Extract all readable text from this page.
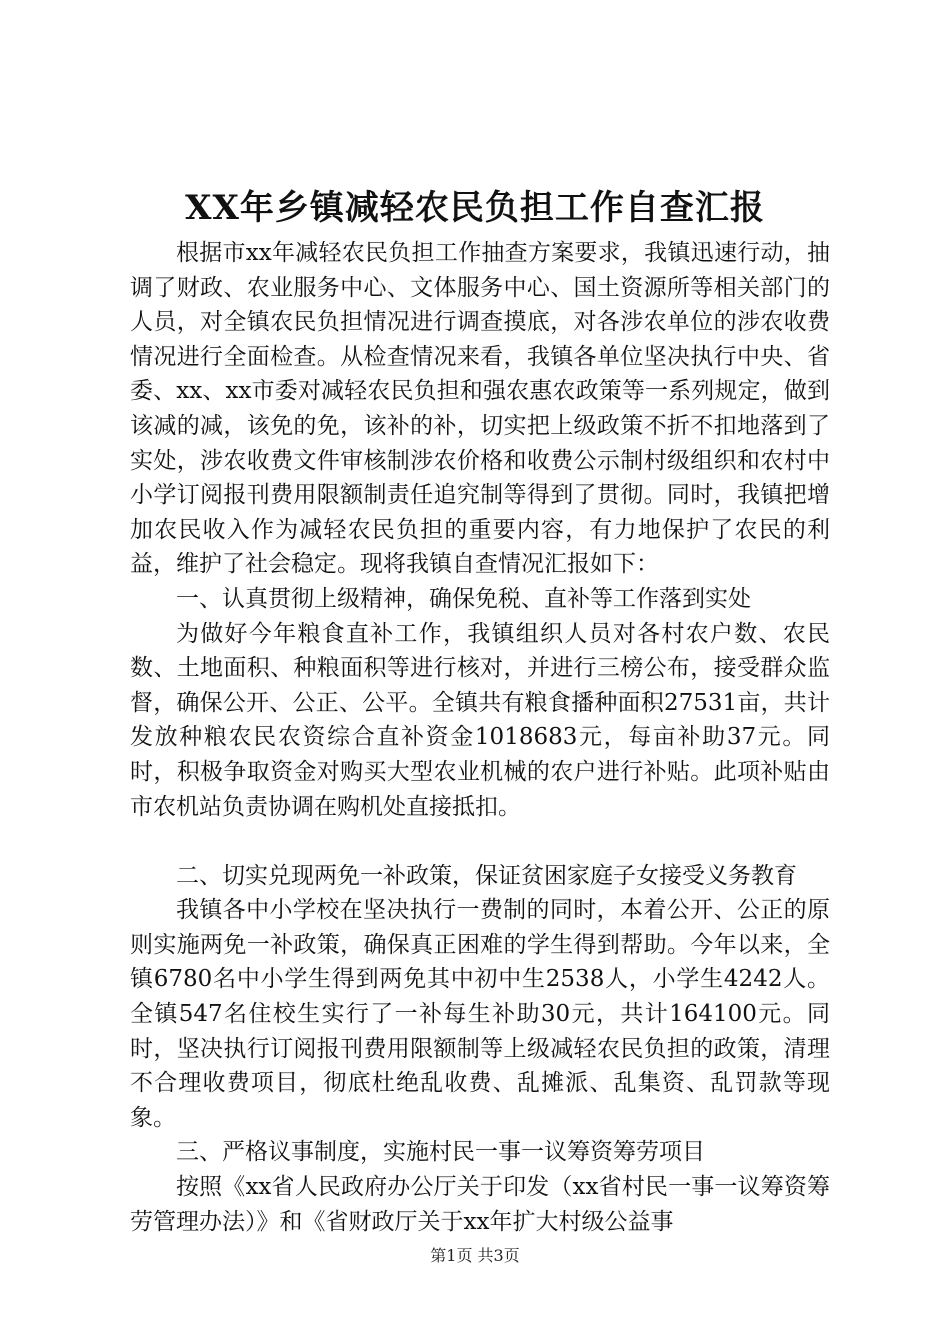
XX年乡镇减轻农民负担工作自查汇报

根据市xx年减轻农民负担工作抽查方案要求，我镇迅速行动，抽调了财政、农业服务中心、文体服务中心、国土资源所等相关部门的人员，对全镇农民负担情况进行调查摸底，对各涉农单位的涉农收费情况进行全面检查。从检查情况来看，我镇各单位坚决执行中央、省委、xx、xx市委对减轻农民负担和强农惠农政策等一系列规定，做到该减的减，该免的免，该补的补，切实把上级政策不折不扣地落到了实处，涉农收费文件审核制涉农价格和收费公示制村级组织和农村中小学订阅报刊费用限额制责任追究制等得到了贯彻。同时，我镇把增加农民收入作为减轻农民负担的重要内容，有力地保护了农民的利益，维护了社会稳定。现将我镇自查情况汇报如下：

一、认真贯彻上级精神，确保免税、直补等工作落到实处

为做好今年粮食直补工作，我镇组织人员对各村农户数、农民数、土地面积、种粮面积等进行核对，并进行三榜公布，接受群众监督，确保公开、公正、公平。全镇共有粮食播种面积27531亩，共计发放种粮农民农资综合直补资金1018683元，每亩补助37元。同时，积极争取资金对购买大型农业机械的农户进行补贴。此项补贴由市农机站负责协调在购机处直接抵扣。

二、切实兑现两免一补政策，保证贫困家庭子女接受义务教育

我镇各中小学校在坚决执行一费制的同时，本着公开、公正的原则实施两免一补政策，确保真正困难的学生得到帮助。今年以来，全镇6780名中小学生得到两免其中初中生2538人，小学生4242人。全镇547名住校生实行了一补每生补助30元，共计164100元。同时，坚决执行订阅报刊费用限额制等上级减轻农民负担的政策，清理不合理收费项目，彻底杜绝乱收费、乱摊派、乱集资、乱罚款等现象。

三、严格议事制度，实施村民一事一议筹资筹劳项目

按照《xx省人民政府办公厅关于印发（xx省村民一事一议筹资筹劳管理办法）》和《省财政厅关于xx年扩大村级公益事

第1页 共3页
